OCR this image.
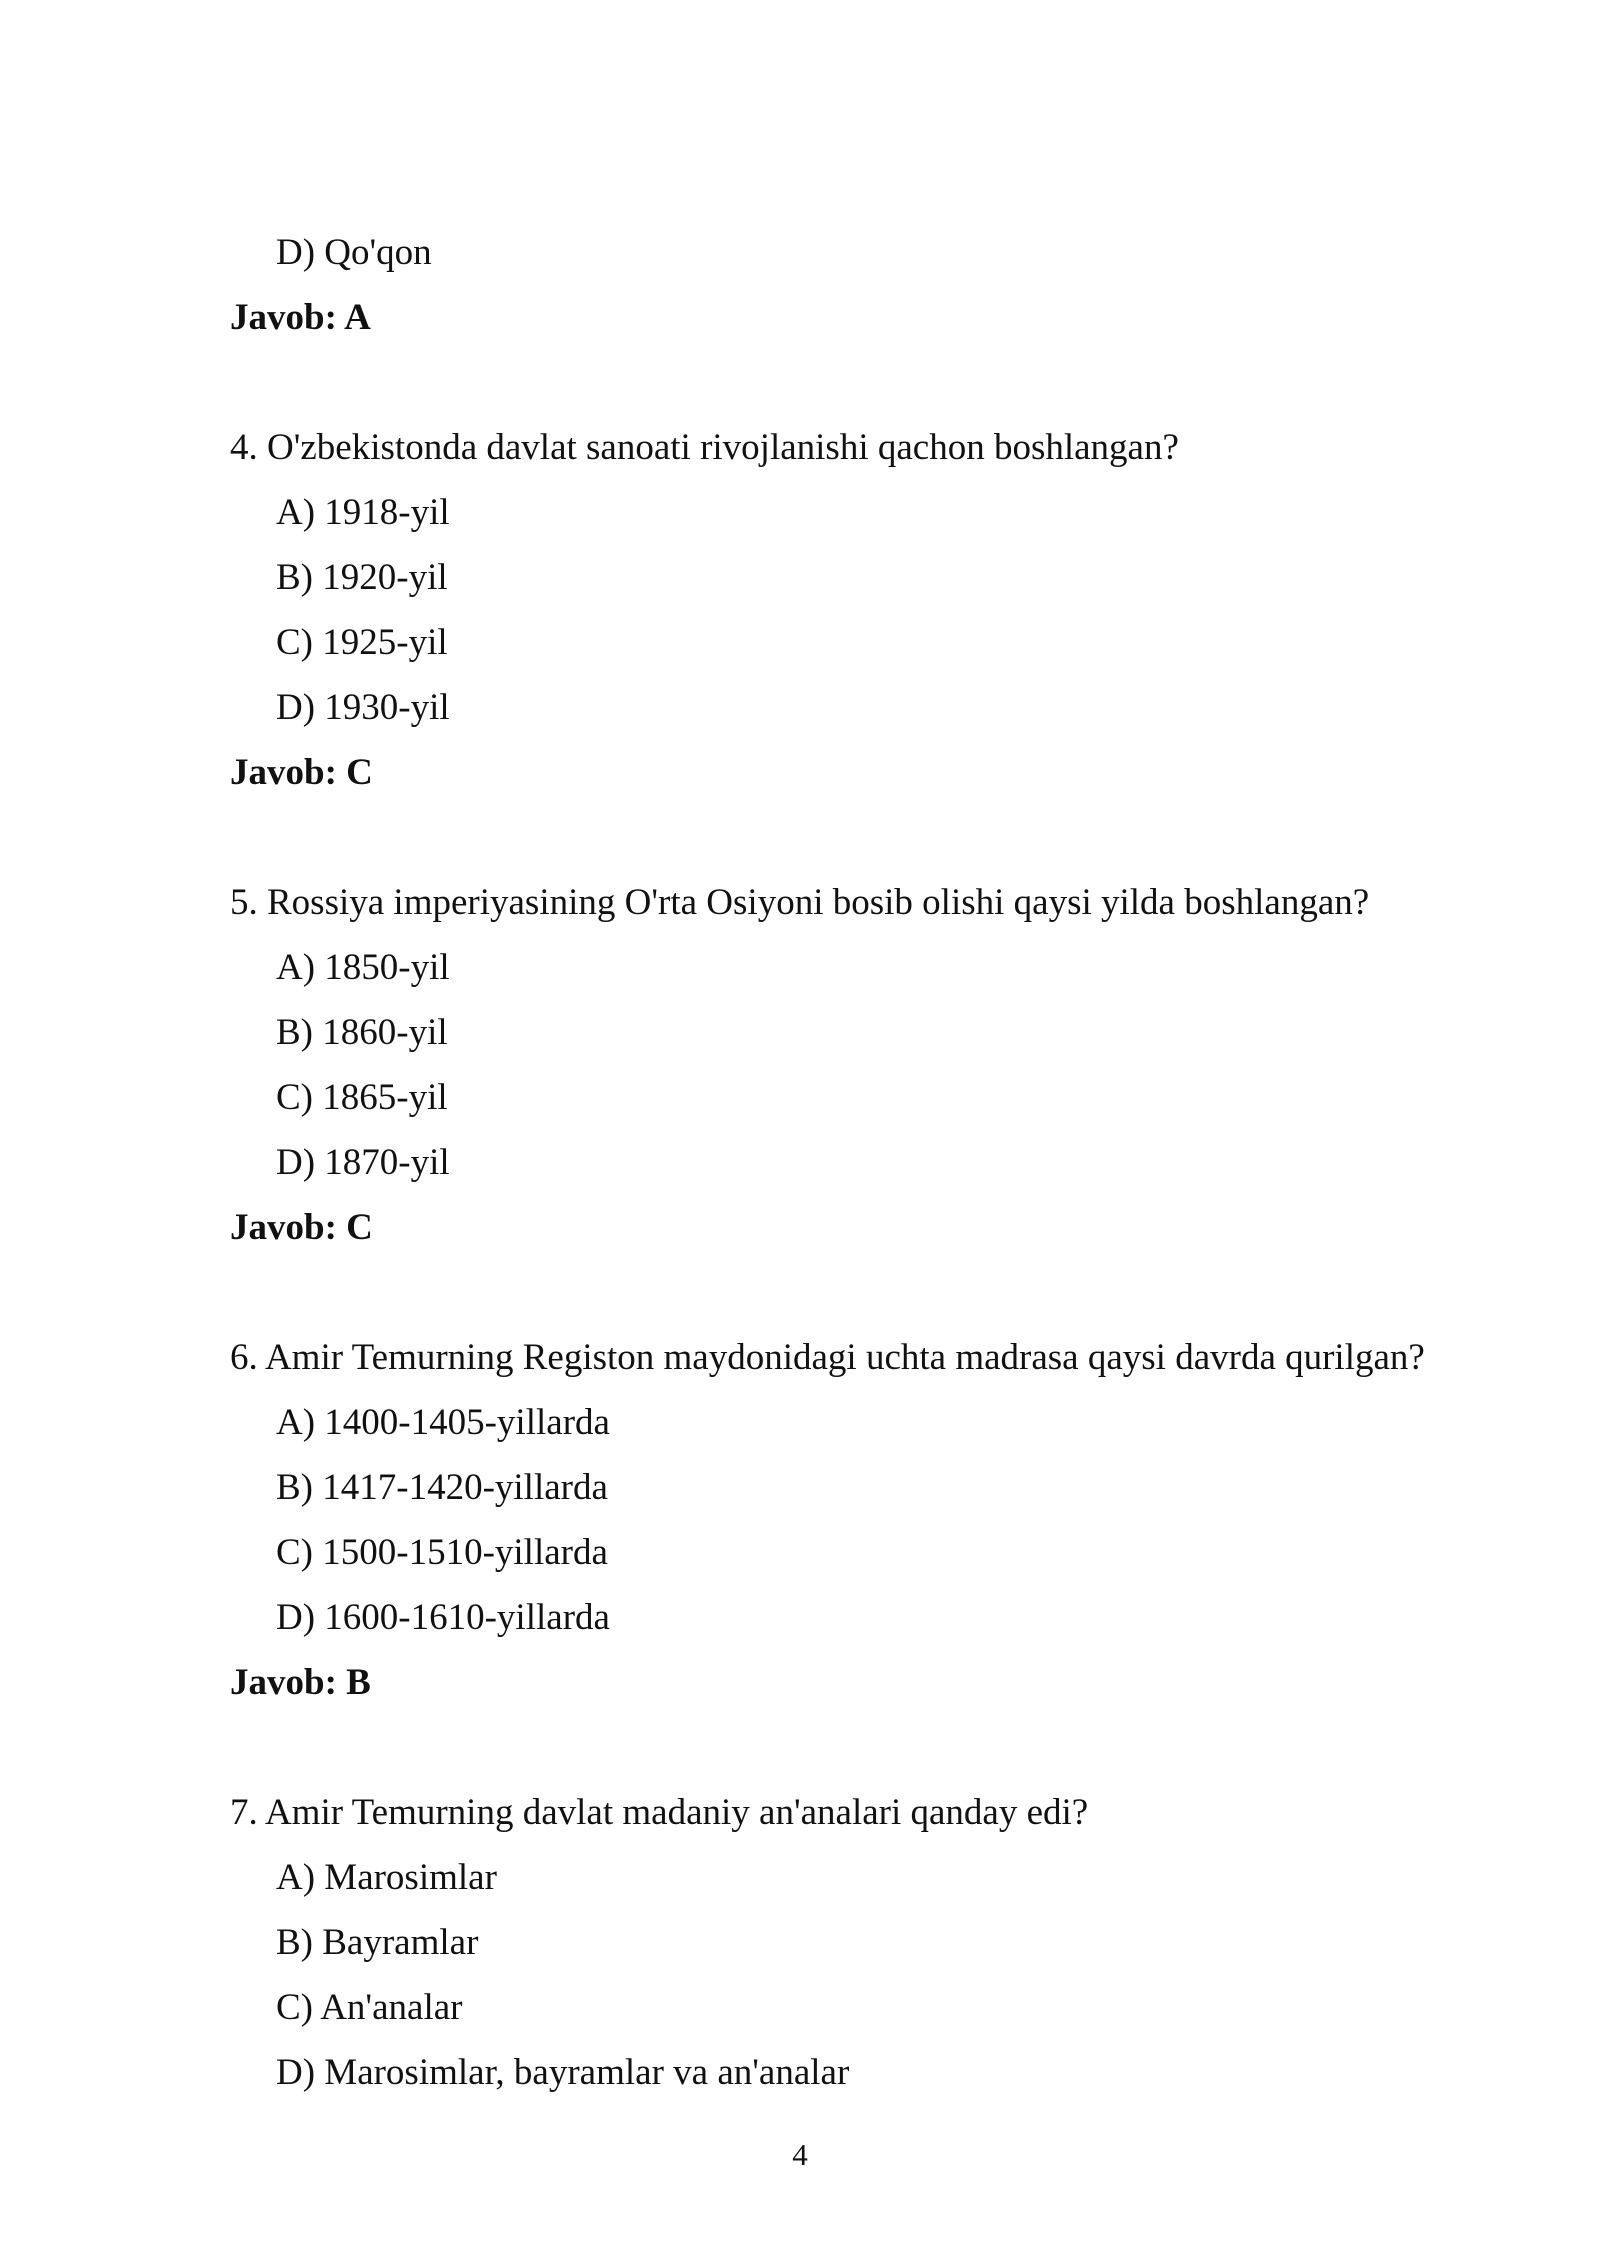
D) Qo'qon
Javob: A
4. O'zbekistonda davlat sanoati rivojlanishi qachon boshlangan?
A) 1918-yil
B) 1920-yil
C) 1925-yil
D) 1930-yil
Javob: C
5. Rossiya imperiyasining O'rta Osiyoni bosib olishi qaysi yilda boshlangan?
A) 1850-yil
B) 1860-yil
C) 1865-yil
D) 1870-yil
Javob: C
6. Amir Temurning Registon maydonidagi uchta madrasa qaysi davrda qurilgan?
A) 1400-1405-yillarda
B) 1417-1420-yillarda
C) 1500-1510-yillarda
D) 1600-1610-yillarda
Javob: B
7. Amir Temurning davlat madaniy an'analari qanday edi?
A) Marosimlar
B) Bayramlar
C) An'analar
D) Marosimlar, bayramlar va an'analar
4
